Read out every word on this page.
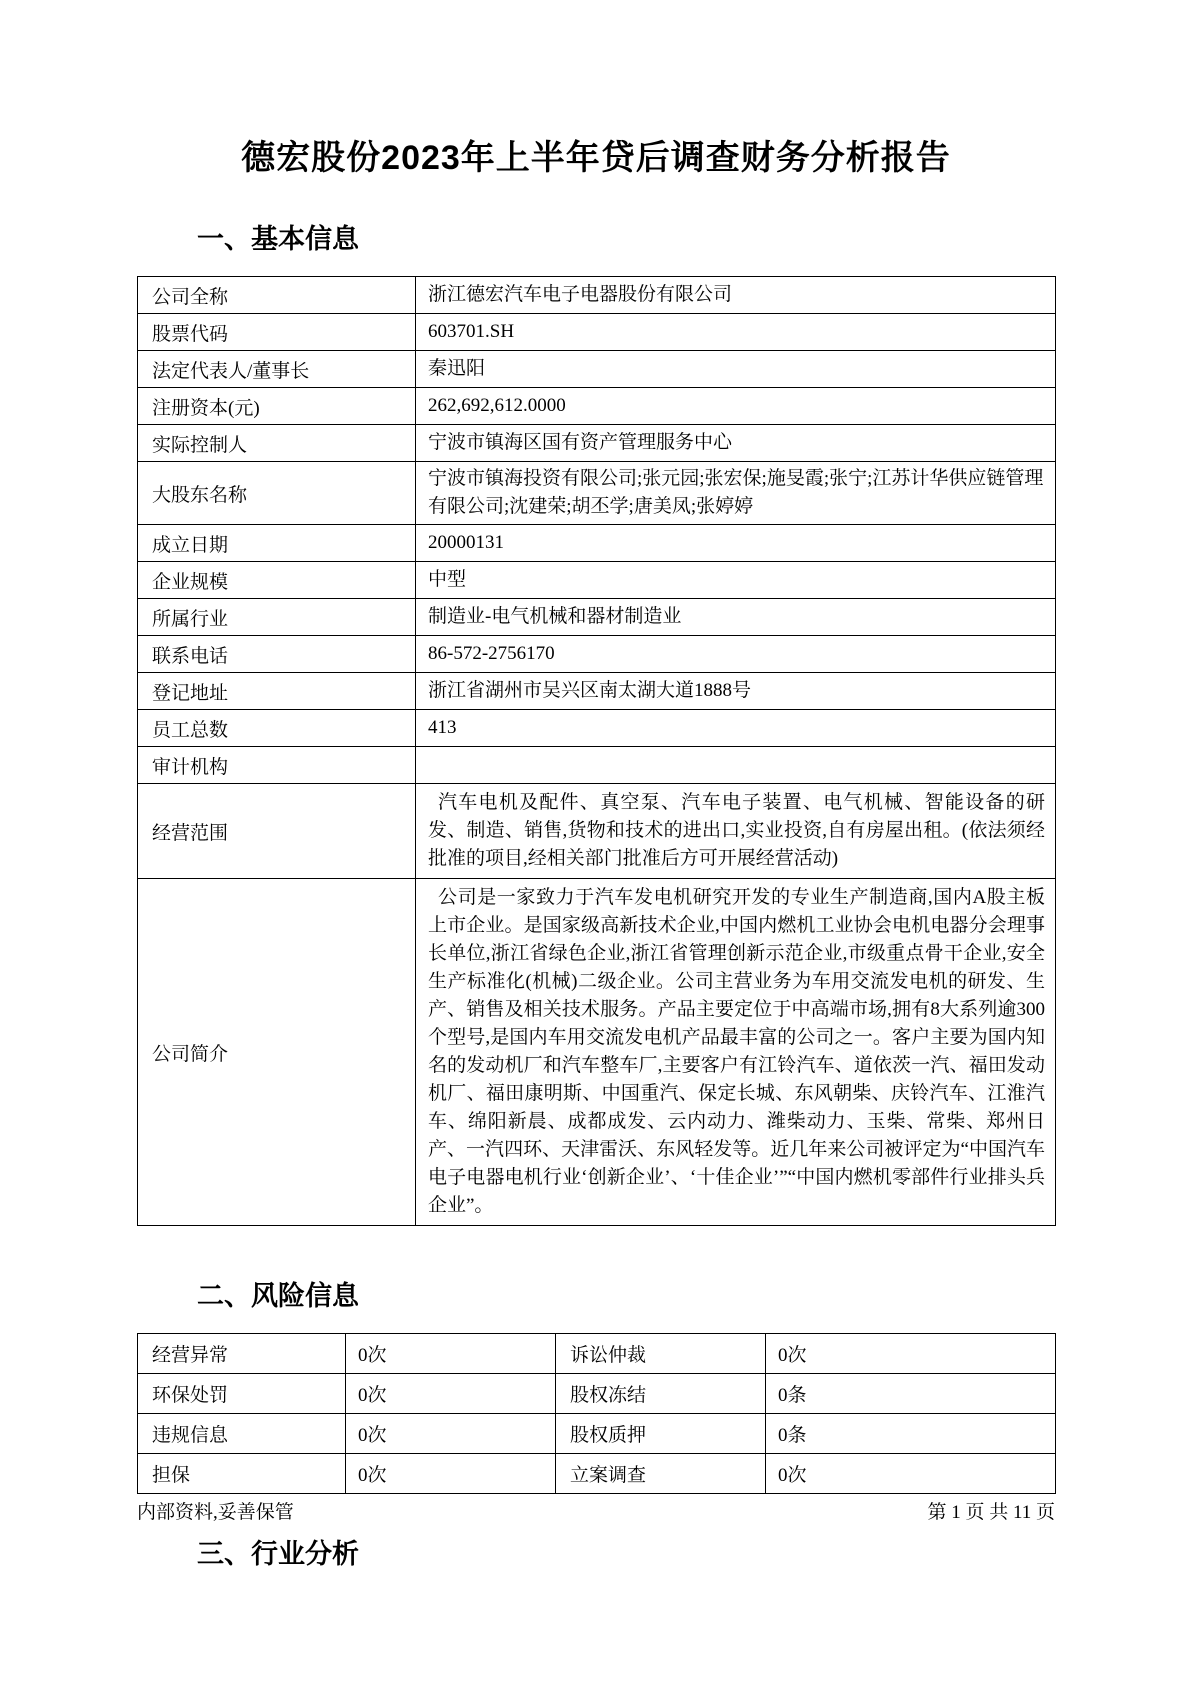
德宏股份2023年上半年贷后调查财务分析报告
一、基本信息
公司全称	浙江德宏汽车电子电器股份有限公司
股票代码	603701.SH
法定代表人/董事长	秦迅阳
注册资本(元)	262,692,612.0000
实际控制人	宁波市镇海区国有资产管理服务中心
大股东名称	宁波市镇海投资有限公司;张元园;张宏保;施旻霞;张宁;江苏计华供应链管理有限公司;沈建荣;胡丕学;唐美凤;张婷婷
成立日期	20000131
企业规模	中型
所属行业	制造业-电气机械和器材制造业
联系电话	86-572-2756170
登记地址	浙江省湖州市吴兴区南太湖大道1888号
员工总数	413
审计机构	
经营范围	汽车电机及配件、真空泵、汽车电子装置、电气机械、智能设备的研发、制造、销售,货物和技术的进出口,实业投资,自有房屋出租。(依法须经批准的项目,经相关部门批准后方可开展经营活动)
公司简介	公司是一家致力于汽车发电机研究开发的专业生产制造商,国内A股主板上市企业。是国家级高新技术企业,中国内燃机工业协会电机电器分会理事长单位,浙江省绿色企业,浙江省管理创新示范企业,市级重点骨干企业,安全生产标准化(机械)二级企业。公司主营业务为车用交流发电机的研发、生产、销售及相关技术服务。产品主要定位于中高端市场,拥有8大系列逾300个型号,是国内车用交流发电机产品最丰富的公司之一。客户主要为国内知名的发动机厂和汽车整车厂,主要客户有江铃汽车、道依茨一汽、福田发动机厂、福田康明斯、中国重汽、保定长城、东风朝柴、庆铃汽车、江淮汽车、绵阳新晨、成都成发、云内动力、潍柴动力、玉柴、常柴、郑州日产、一汽四环、天津雷沃、东风轻发等。近几年来公司被评定为“中国汽车电子电器电机行业‘创新企业’、‘十佳企业’”“中国内燃机零部件行业排头兵企业”。
二、风险信息
经营异常	0次	诉讼仲裁	0次
环保处罚	0次	股权冻结	0条
违规信息	0次	股权质押	0条
担保	0次	立案调查	0次
三、行业分析
内部资料,妥善保管	第 1 页 共 11 页
